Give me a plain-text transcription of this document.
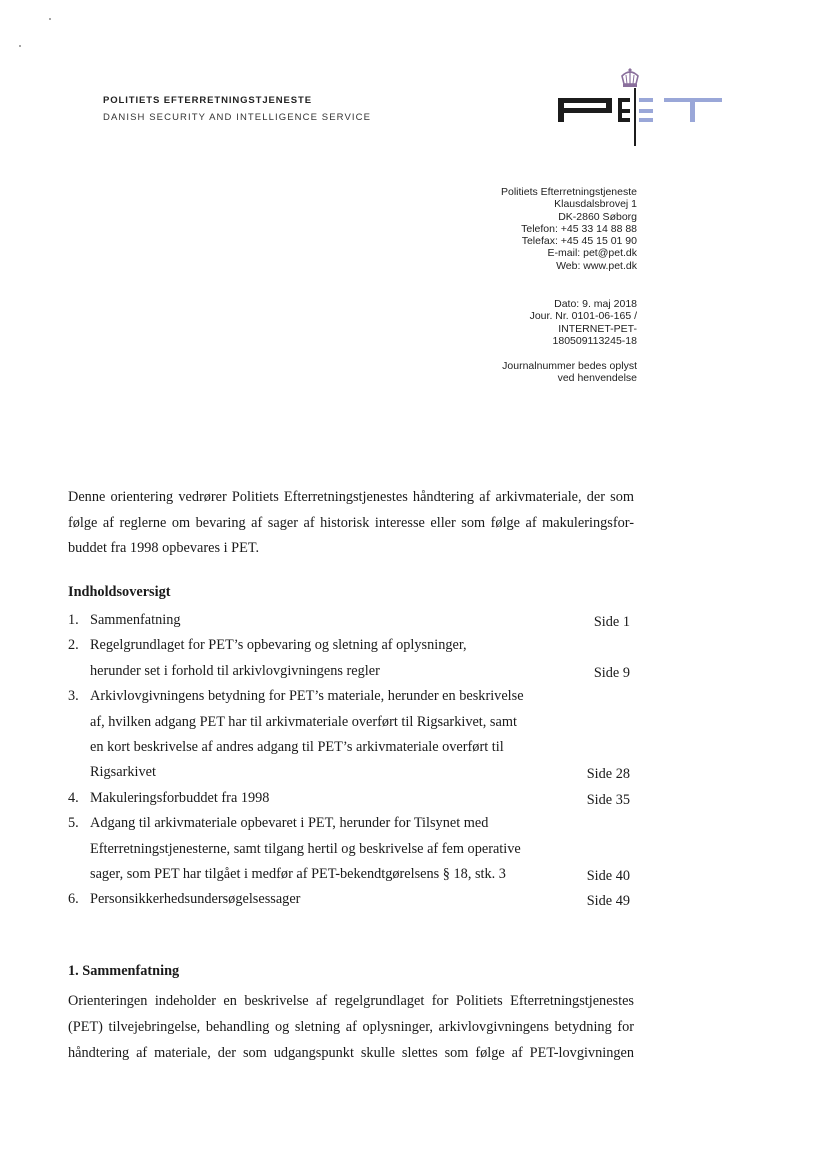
POLITIETS EFTERRETNINGSTJENESTE
DANISH SECURITY AND INTELLIGENCE SERVICE
Politiets Efterretningstjeneste
Klausdalsbrovej 1
DK-2860 Søborg
Telefon: +45 33 14 88 88
Telefax: +45 45 15 01 90
E-mail: pet@pet.dk
Web: www.pet.dk
Dato: 9. maj 2018
Jour. Nr. 0101-06-165 /
INTERNET-PET-
180509113245-18
Journalnummer bedes oplyst
ved henvendelse
Denne orientering vedrører Politiets Efterretningstjenestes håndtering af arkivmateriale, der som
følge af reglerne om bevaring af sager af historisk interesse eller som følge af makuleringsfor-
buddet fra 1998 opbevares i PET.
Indholdsoversigt
1. Sammenfatning	Side 1
2. Regelgrundlaget for PET’s opbevaring og sletning af oplysninger,
herunder set i forhold til arkivlovgivningens regler	Side 9
3. Arkivlovgivningens betydning for PET’s materiale, herunder en beskrivelse
af, hvilken adgang PET har til arkivmateriale overført til Rigsarkivet, samt
en kort beskrivelse af andres adgang til PET’s arkivmateriale overført til
Rigsarkivet	Side 28
4. Makuleringsforbuddet fra 1998	Side 35
5. Adgang til arkivmateriale opbevaret i PET, herunder for Tilsynet med
Efterretningstjenesterne, samt tilgang hertil og beskrivelse af fem operative
sager, som PET har tilgået i medfør af PET-bekendtgørelsens § 18, stk. 3	Side 40
6. Personsikkerhedsundersøgelsessager	Side 49
1. Sammenfatning
Orienteringen indeholder en beskrivelse af regelgrundlaget for Politiets Efterretningstjenestes
(PET) tilvejebringelse, behandling og sletning af oplysninger, arkivlovgivningens betydning for
håndtering af materiale, der som udgangspunkt skulle slettes som følge af PET-lovgivningen
